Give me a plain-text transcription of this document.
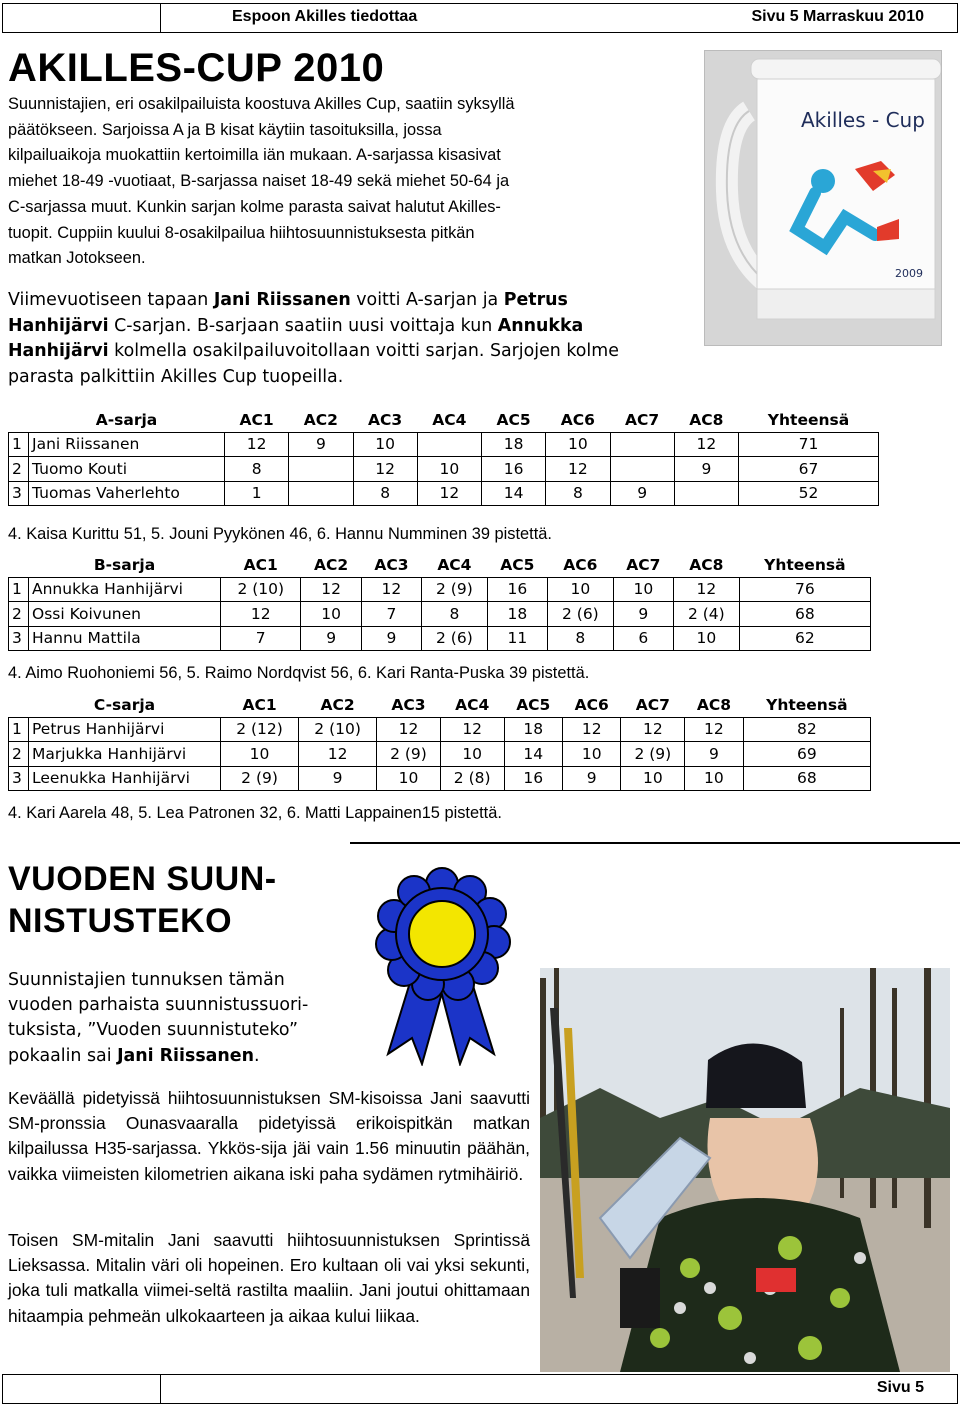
Espoon Akilles tiedottaa	Sivu 5 Marraskuu 2010
AKILLES-CUP 2010
Suunnistajien, eri osakilpailuista koostuva Akilles Cup, saatiin syksyllä
päätökseen. Sarjoissa A ja B kisat käytiin tasoituksilla, jossa
kilpailuaikoja muokattiin kertoimilla iän mukaan. A-sarjassa kisasivat
miehet 18-49 -vuotiaat, B-sarjassa naiset 18-49 sekä miehet 50-64 ja
C-sarjassa muut. Kunkin sarjan kolme parasta saivat halutut Akilles-
tuopit. Cuppiin kuului 8-osakilpailua hiihtosuunnistuksesta pitkän
matkan Jotokseen.
Viimevuotiseen tapaan Jani Riissanen voitti A-sarjan ja Petrus
Hanhijärvi C-sarjan. B-sarjaan saatiin uusi voittaja kun Annukka
Hanhijärvi kolmella osakilpailuvoitollaan voitti sarjan. Sarjojen kolme
parasta palkittiin Akilles Cup tuopeilla.
Akilles - Cup
2009
	A-sarja	AC1	AC2	AC3	AC4	AC5	AC6	AC7	AC8	Yhteensä
1	Jani Riissanen	12	9	10		18	10		12	71
2	Tuomo Kouti	8		12	10	16	12		9	67
3	Tuomas Vaherlehto	1		8	12	14	8	9		52
4. Kaisa Kurittu 51, 5. Jouni Pyykönen 46, 6. Hannu Numminen 39 pistettä.
	B-sarja	AC1	AC2	AC3	AC4	AC5	AC6	AC7	AC8	Yhteensä
1	Annukka Hanhijärvi	2 (10)	12	12	2 (9)	16	10	10	12	76
2	Ossi Koivunen	12	10	7	8	18	2 (6)	9	2 (4)	68
3	Hannu Mattila	7	9	9	2 (6)	11	8	6	10	62
4. Aimo Ruohoniemi 56, 5. Raimo Nordqvist 56, 6. Kari Ranta-Puska 39 pistettä.
	C-sarja	AC1	AC2	AC3	AC4	AC5	AC6	AC7	AC8	Yhteensä
1	Petrus Hanhijärvi	2 (12)	2 (10)	12	12	18	12	12	12	82
2	Marjukka Hanhijärvi	10	12	2 (9)	10	14	10	2 (9)	9	69
3	Leenukka Hanhijärvi	2 (9)	9	10	2 (8)	16	9	10	10	68
4. Kari Aarela 48, 5. Lea Patronen 32, 6. Matti Lappainen15 pistettä.
VUODEN SUUN-
NISTUSTEKO
Suunnistajien tunnuksen tämän vuoden parhaista suunnistussuori-tuksista, ”Vuoden suunnistuteko” pokaalin sai Jani Riissanen.
Keväällä pidetyissä hiihtosuunnistuksen SM-kisoissa Jani saavutti SM-pronssia Ounasvaaralla pidetyissä erikoispitkän matkan kilpailussa H35-sarjassa. Ykkös-sija jäi vain 1.56 minuutin päähän, vaikka viimeisten kilometrien aikana iski paha sydämen rytmihäiriö.
Toisen SM-mitalin Jani saavutti hiihtosuunnistuksen Sprintissä Lieksassa. Mitalin väri oli hopeinen. Ero kultaan oli vai yksi sekunti, joka tuli matkalla viimei-seltä rastilta maaliin. Jani joutui ohittamaan hitaampia pehmeän ulkokaarteen ja aikaa kului liikaa.
Sivu 5
